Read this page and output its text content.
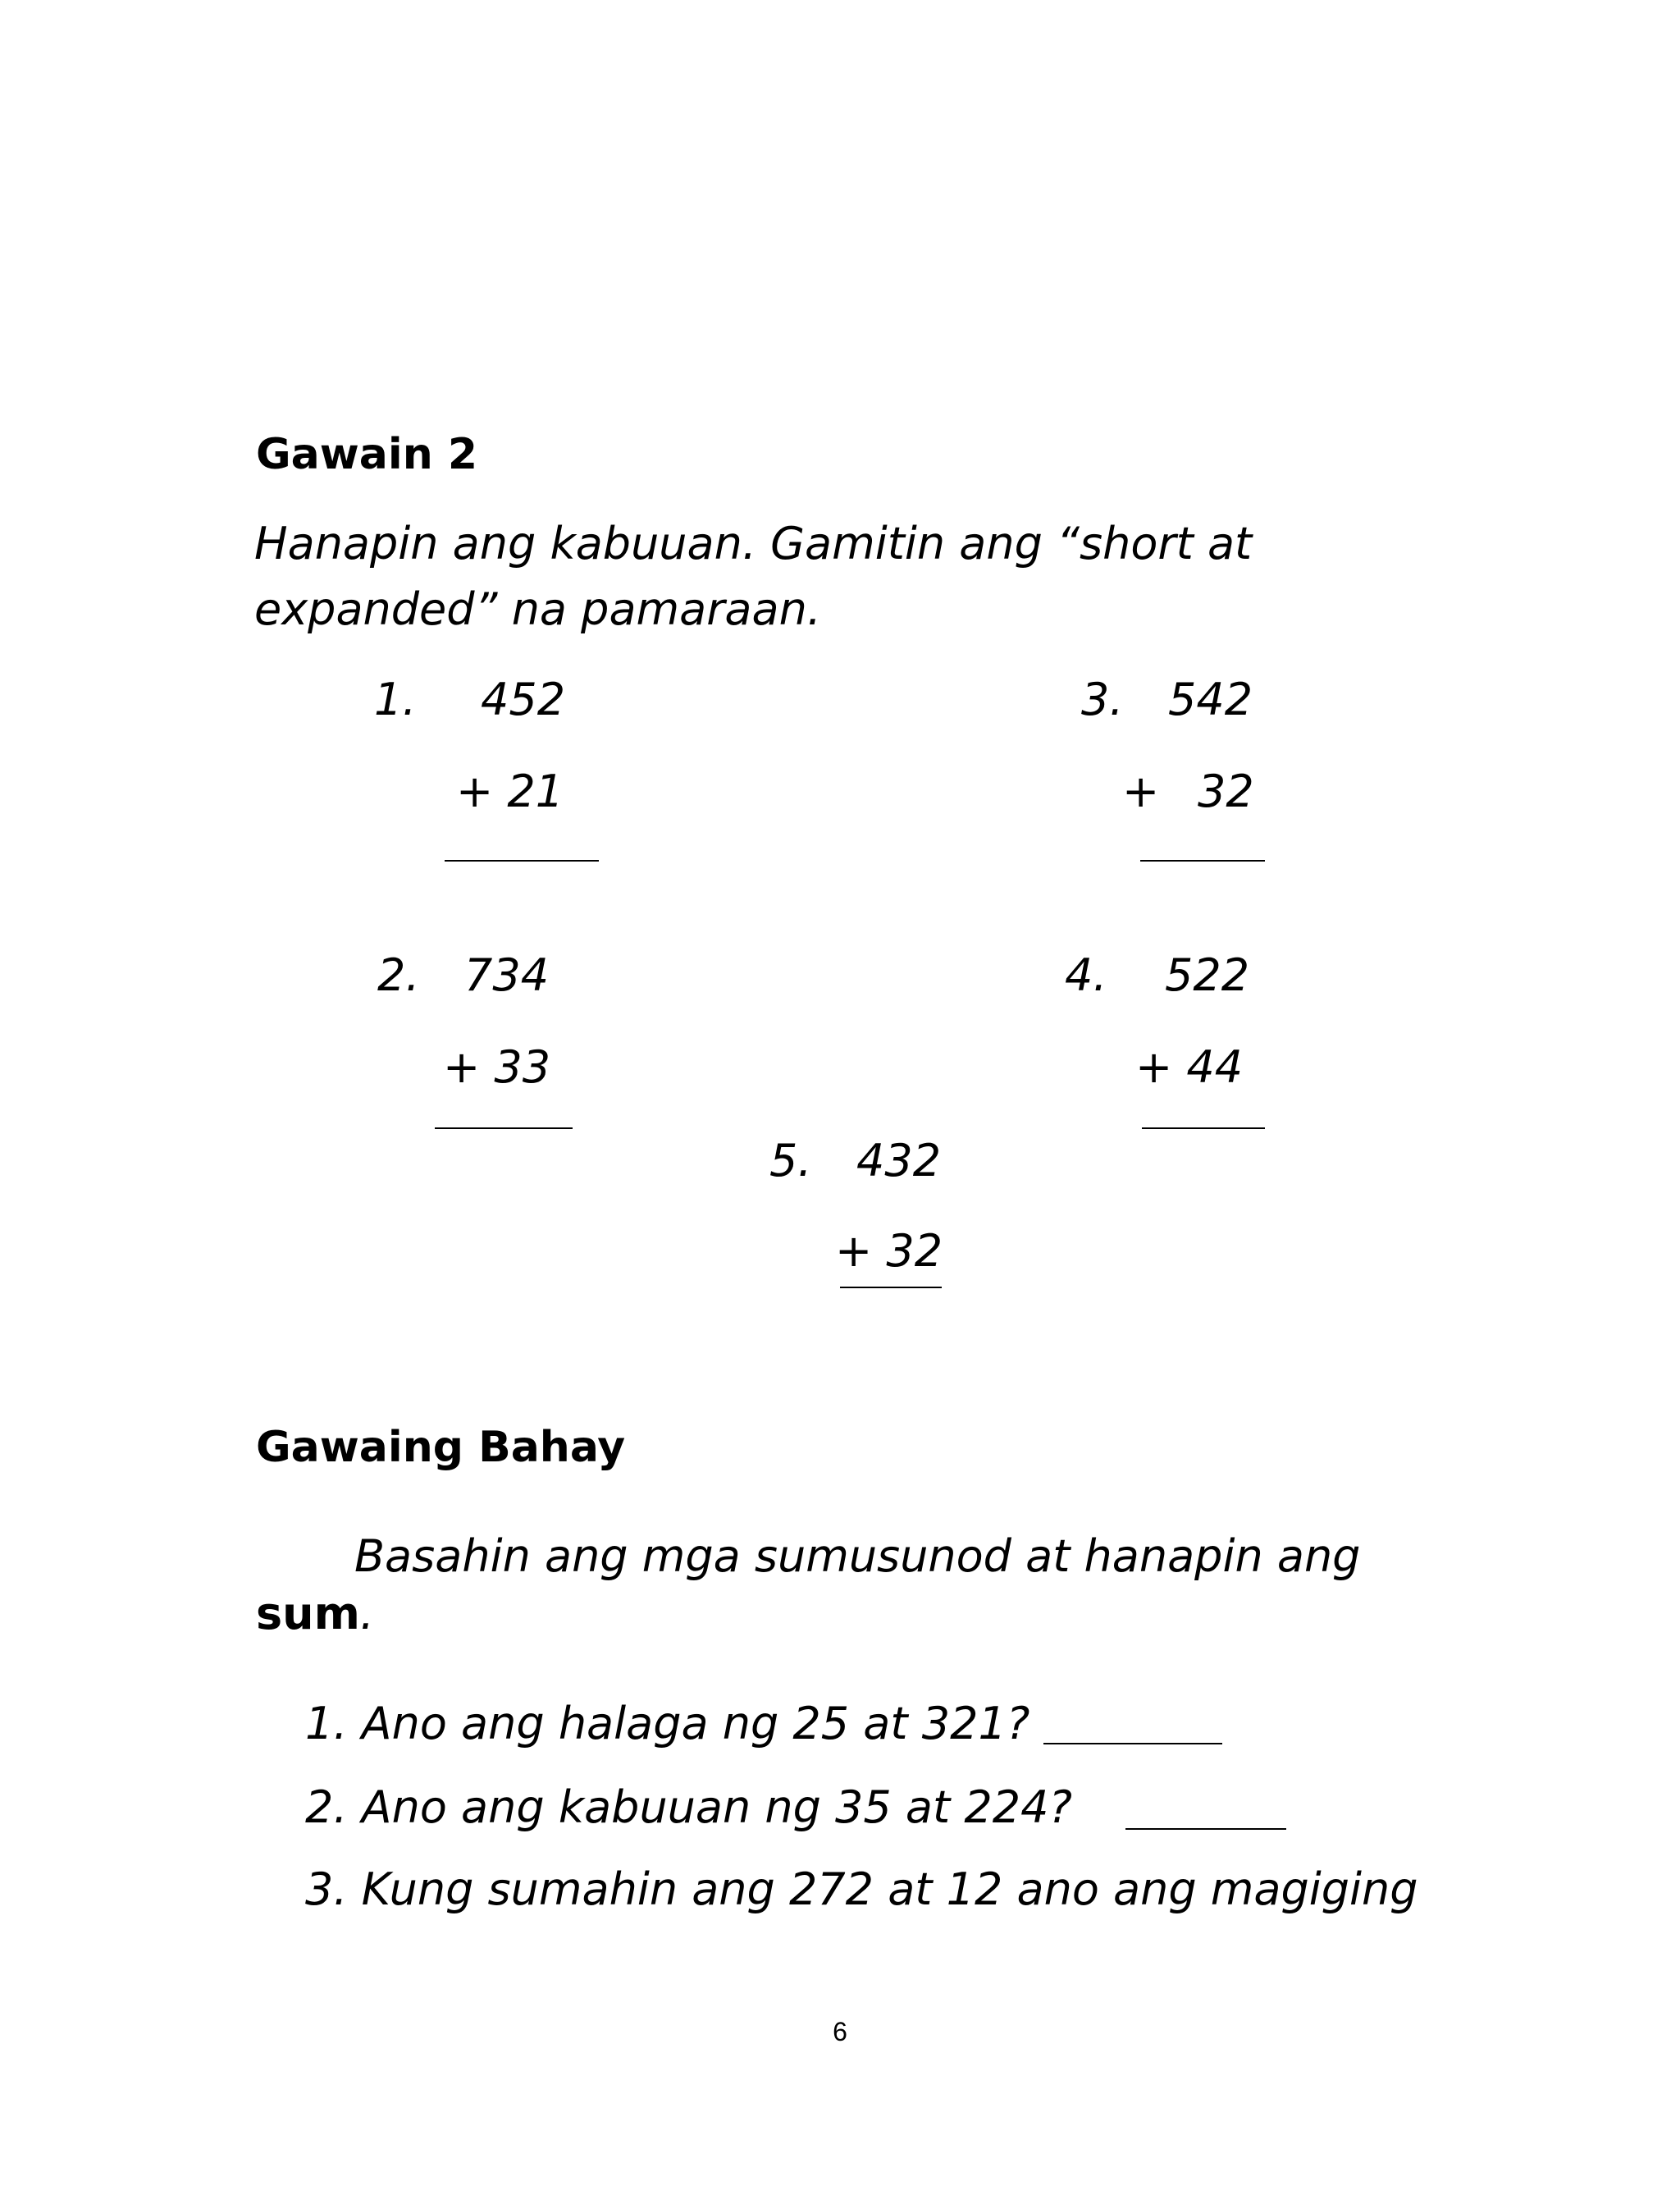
Gawain 2
Hanapin ang kabuuan. Gamitin ang “short at
expanded” na pamaraan.
1. 452
+ 21
2. 734
+ 33
3. 542
+ 32
4. 522
+ 44
5. 432
+ 32
Gawaing Bahay
Basahin ang mga sumusunod at hanapin ang
sum.
1. Ano ang halaga ng 25 at 321?
2. Ano ang kabuuan ng 35 at 224?
3. Kung sumahin ang 272 at 12 ano ang magiging
6
